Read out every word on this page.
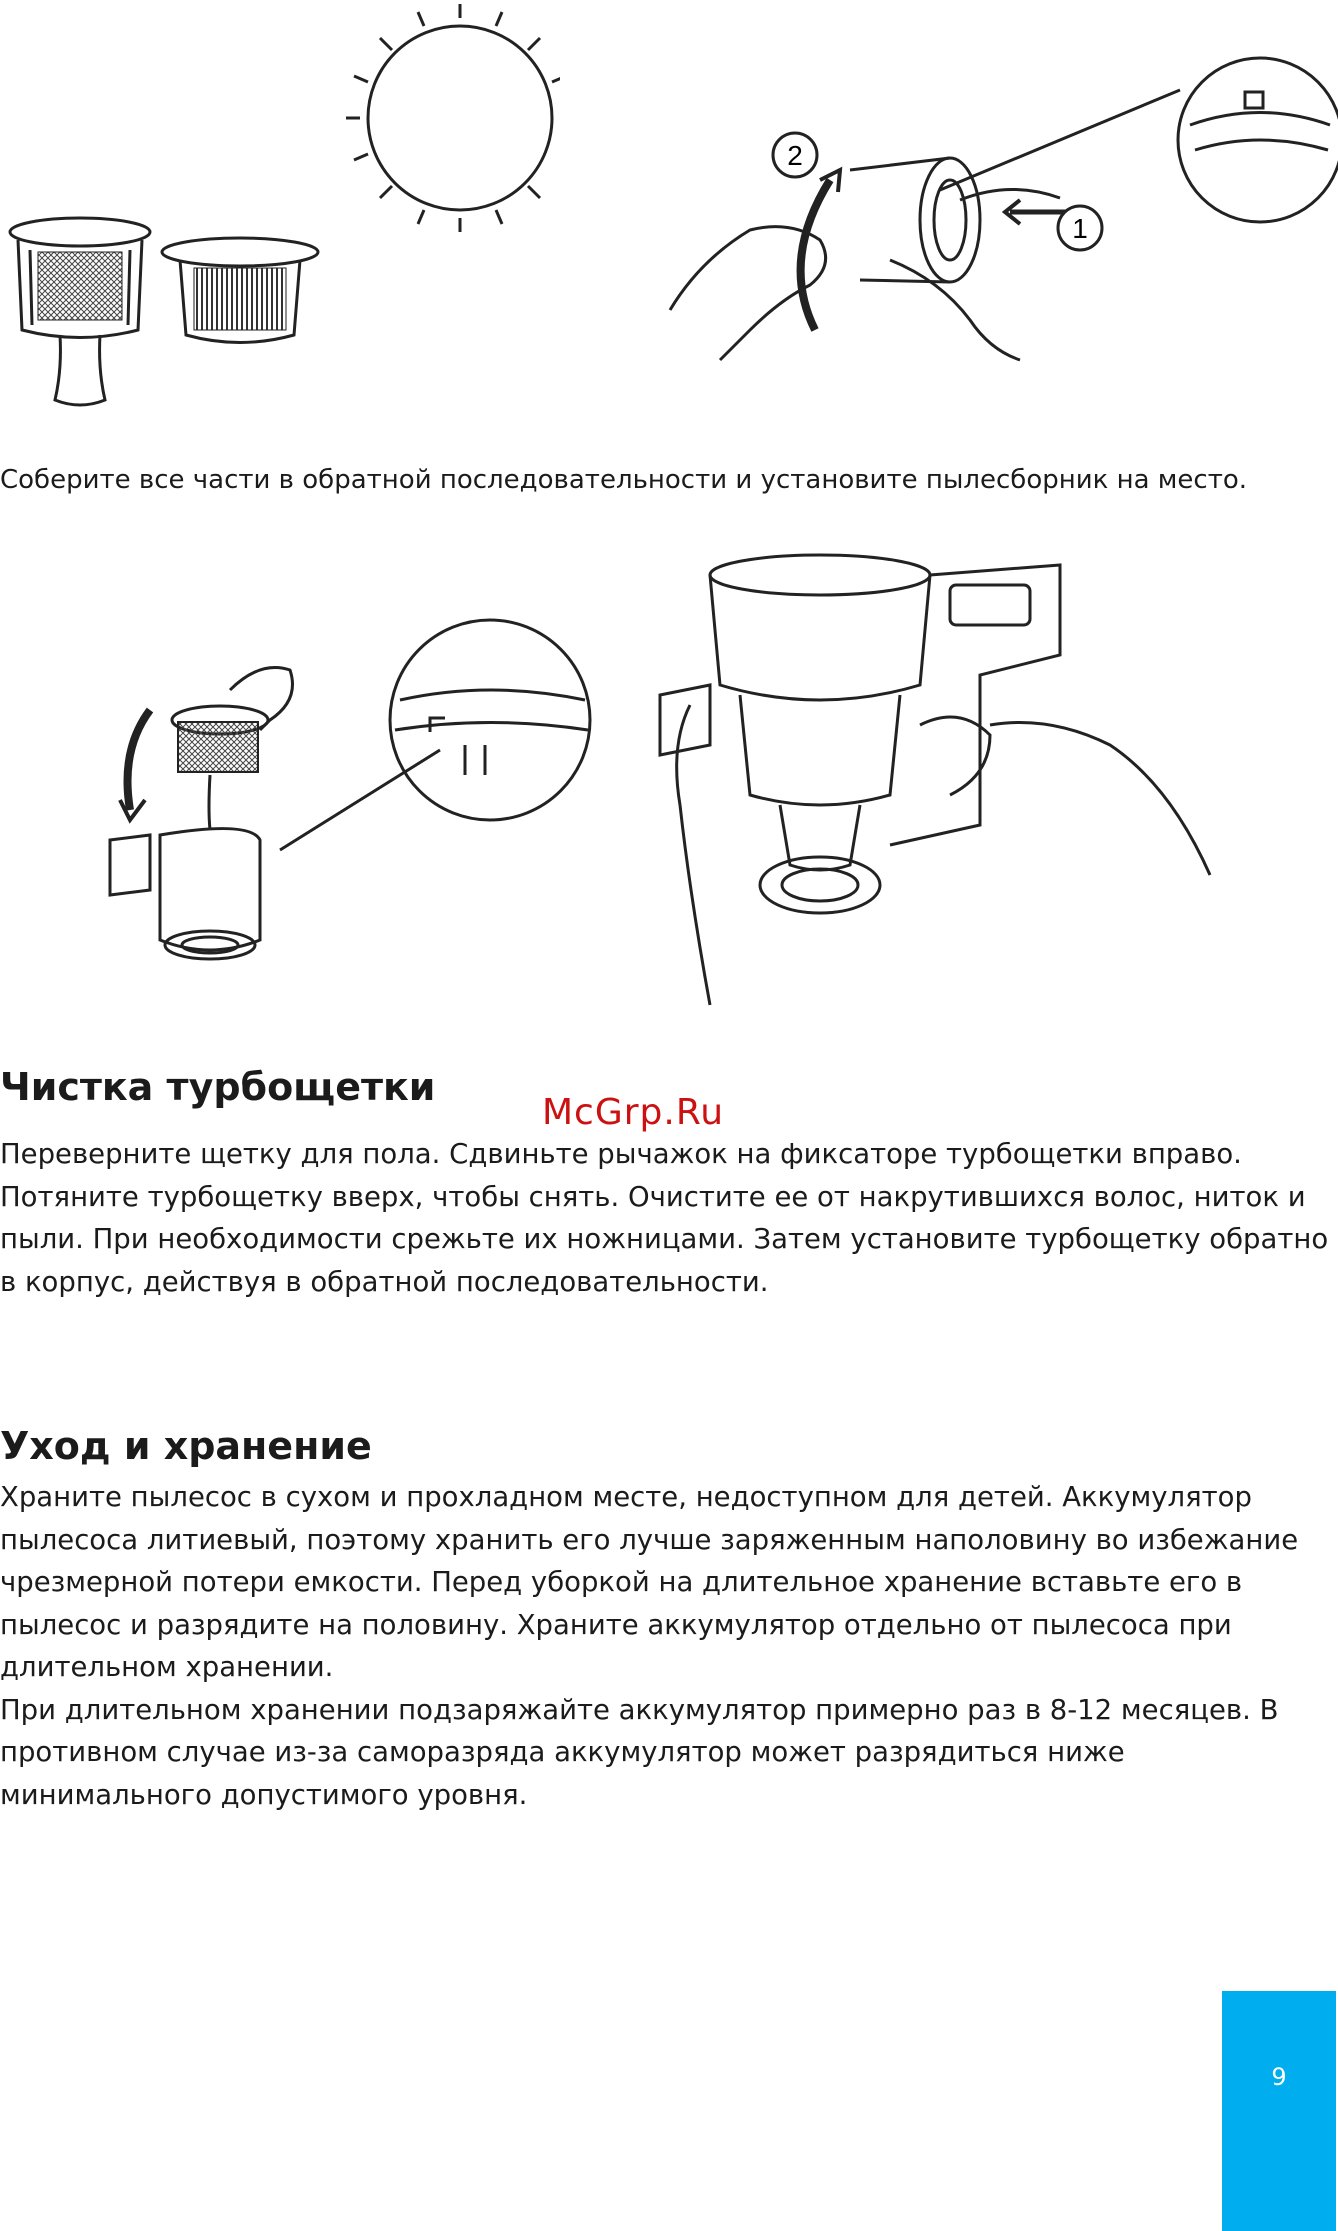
1
2
Соберите все части в обратной последовательности и установите пылесборник на место.
Чистка турбощетки
McGrp.Ru

Переверните щетку для пола. Сдвиньте рычажок на фиксаторе турбощетки вправо. Потяните турбощетку вверх, чтобы снять. Очистите ее от накрутившихся волос, ниток и пыли. При необходимости срежьте их ножницами. Затем установите турбощетку обратно в корпус, действуя в обратной последовательности.

Уход и хранение

Храните пылесос в сухом и прохладном месте, недоступном для детей. Аккумулятор пылесоса литиевый, поэтому хранить его лучше заряженным наполовину во избежание чрезмерной потери емкости. Перед уборкой на длительное хранение вставьте его в пылесос и разрядите на половину. Храните аккумулятор отдельно от пылесоса при длительном хранении.

При длительном хранении подзаряжайте аккумулятор примерно раз в 8-12 месяцев. В противном случае из-за саморазряда аккумулятор может разрядиться ниже минимального допустимого уровня.

9
